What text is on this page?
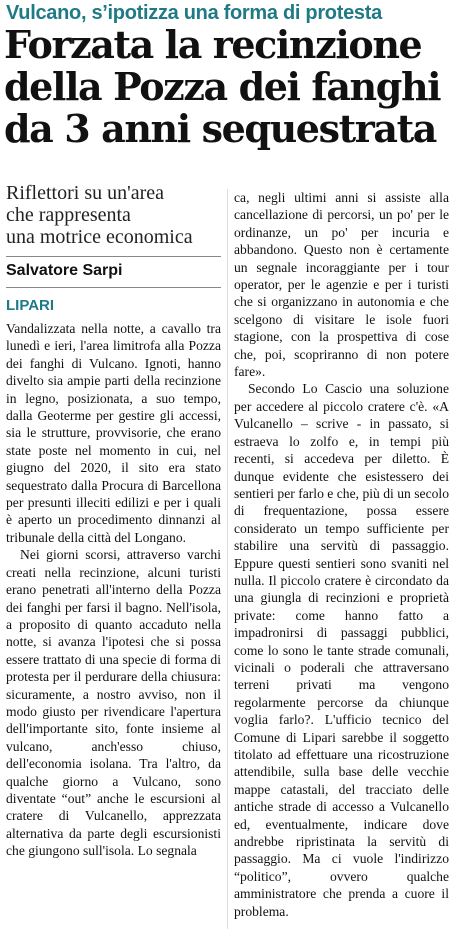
Vulcano, s’ipotizza una forma di protesta
Forzata la recinzione
della Pozza dei fanghi
da 3 anni sequestrata
Riflettori su un'area
che rappresenta
una motrice economica
Salvatore Sarpi
LIPARI

Vandalizzata nella notte, a cavallo tra lunedì e ieri, l'area limitrofa alla Pozza dei fanghi di Vulcano. Ignoti, hanno divelto sia ampie parti della recinzione in legno, posizionata, a suo tempo, dalla Geoterme per gestire gli accessi, sia le strutture, provvisorie, che erano state poste nel momento in cui, nel giugno del 2020, il sito era stato sequestrato dalla Procura di Barcellona per presunti illeciti edilizi e per i quali è aperto un procedimento dinnanzi al tribunale della città del Longano.

Nei giorni scorsi, attraverso varchi creati nella recinzione, alcuni turisti erano penetrati all'interno della Pozza dei fanghi per farsi il bagno. Nell'isola, a proposito di quanto accaduto nella notte, si avanza l'ipotesi che si possa essere trattato di una specie di forma di protesta per il perdurare della chiusura: sicuramente, a nostro avviso, non il modo giusto per rivendicare l'apertura dell'importante sito, fonte insieme al vulcano, anch'esso chiuso, dell'economia isolana. Tra l'altro, da qualche giorno a Vulcano, sono diventate “out” anche le escursioni al cratere di Vulcanello, apprezzata alternativa da parte degli escursionisti che giungono sull'isola. Lo segnala

ca, negli ultimi anni si assiste alla cancellazione di percorsi, un po' per le ordinanze, un po' per incuria e abbandono. Questo non è certamente un segnale incoraggiante per i tour operator, per le agenzie e per i turisti che si organizzano in autonomia e che scelgono di visitare le isole fuori stagione, con la prospettiva di cose che, poi, scopriranno di non potere fare».

Secondo Lo Cascio una soluzione per accedere al piccolo cratere c'è. «A Vulcanello – scrive - in passato, si estraeva lo zolfo e, in tempi più recenti, si accedeva per diletto. È dunque evidente che esistessero dei sentieri per farlo e che, più di un secolo di frequentazione, possa essere considerato un tempo sufficiente per stabilire una servitù di passaggio. Eppure questi sentieri sono svaniti nel nulla. Il piccolo cratere è circondato da una giungla di recinzioni e proprietà private: come hanno fatto a impadronirsi di passaggi pubblici, come lo sono le tante strade comunali, vicinali o poderali che attraversano terreni privati ma vengono regolarmente percorse da chiunque voglia farlo?. L'ufficio tecnico del Comune di Lipari sarebbe il soggetto titolato ad effettuare una ricostruzione attendibile, sulla base delle vecchie mappe catastali, del tracciato delle antiche strade di accesso a Vulcanello ed, eventualmente, indicare dove andrebbe ripristinata la servitù di passaggio. Ma ci vuole l'indirizzo “politico”, ovvero qualche amministratore che prenda a cuore il problema.
